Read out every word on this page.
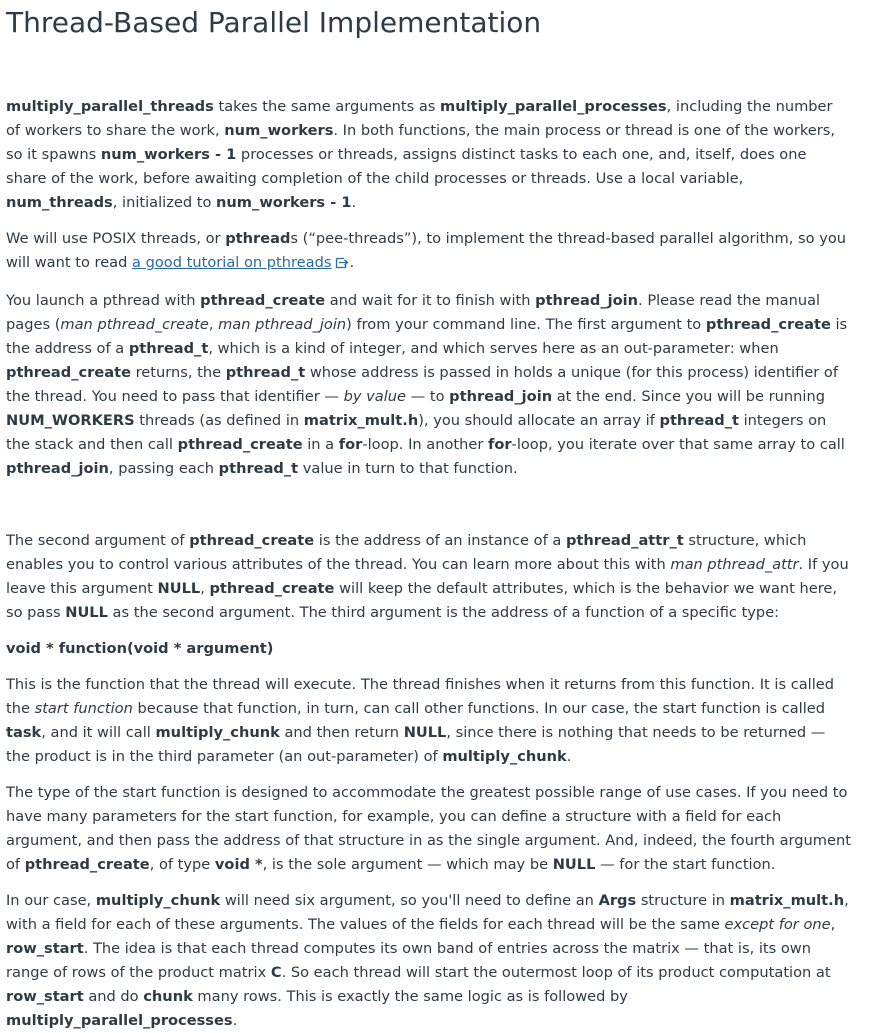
Thread-Based Parallel Implementation

multiply_parallel_threads takes the same arguments as multiply_parallel_processes, including the number of workers to share the work, num_workers. In both functions, the main process or thread is one of the workers, so it spawns num_workers - 1 processes or threads, assigns distinct tasks to each one, and, itself, does one share of the work, before awaiting completion of the child processes or threads. Use a local variable, num_threads, initialized to num_workers - 1.

We will use POSIX threads, or pthreads (“pee-threads”), to implement the thread-based parallel algorithm, so you will want to read a good tutorial on pthreads .

You launch a pthread with pthread_create and wait for it to finish with pthread_join. Please read the manual pages (man pthread_create, man pthread_join) from your command line. The first argument to pthread_create is the address of a pthread_t, which is a kind of integer, and which serves here as an out-parameter: when pthread_create returns, the pthread_t whose address is passed in holds a unique (for this process) identifier of the thread. You need to pass that identifier — by value — to pthread_join at the end. Since you will be running NUM_WORKERS threads (as defined in matrix_mult.h), you should allocate an array if pthread_t integers on the stack and then call pthread_create in a for-loop. In another for-loop, you iterate over that same array to call pthread_join, passing each pthread_t value in turn to that function.

The second argument of pthread_create is the address of an instance of a pthread_attr_t structure, which enables you to control various attributes of the thread. You can learn more about this with man pthread_attr. If you leave this argument NULL, pthread_create will keep the default attributes, which is the behavior we want here, so pass NULL as the second argument. The third argument is the address of a function of a specific type:

void * function(void * argument)

This is the function that the thread will execute. The thread finishes when it returns from this function. It is called the start function because that function, in turn, can call other functions. In our case, the start function is called task, and it will call multiply_chunk and then return NULL, since there is nothing that needs to be returned — the product is in the third parameter (an out-parameter) of multiply_chunk.

The type of the start function is designed to accommodate the greatest possible range of use cases. If you need to have many parameters for the start function, for example, you can define a structure with a field for each argument, and then pass the address of that structure in as the single argument. And, indeed, the fourth argument of pthread_create, of type void *, is the sole argument — which may be NULL — for the start function.

In our case, multiply_chunk will need six argument, so you'll need to define an Args structure in matrix_mult.h, with a field for each of these arguments. The values of the fields for each thread will be the same except for one, row_start. The idea is that each thread computes its own band of entries across the matrix — that is, its own range of rows of the product matrix C. So each thread will start the outermost loop of its product computation at row_start and do chunk many rows. This is exactly the same logic as is followed by multiply_parallel_processes.
